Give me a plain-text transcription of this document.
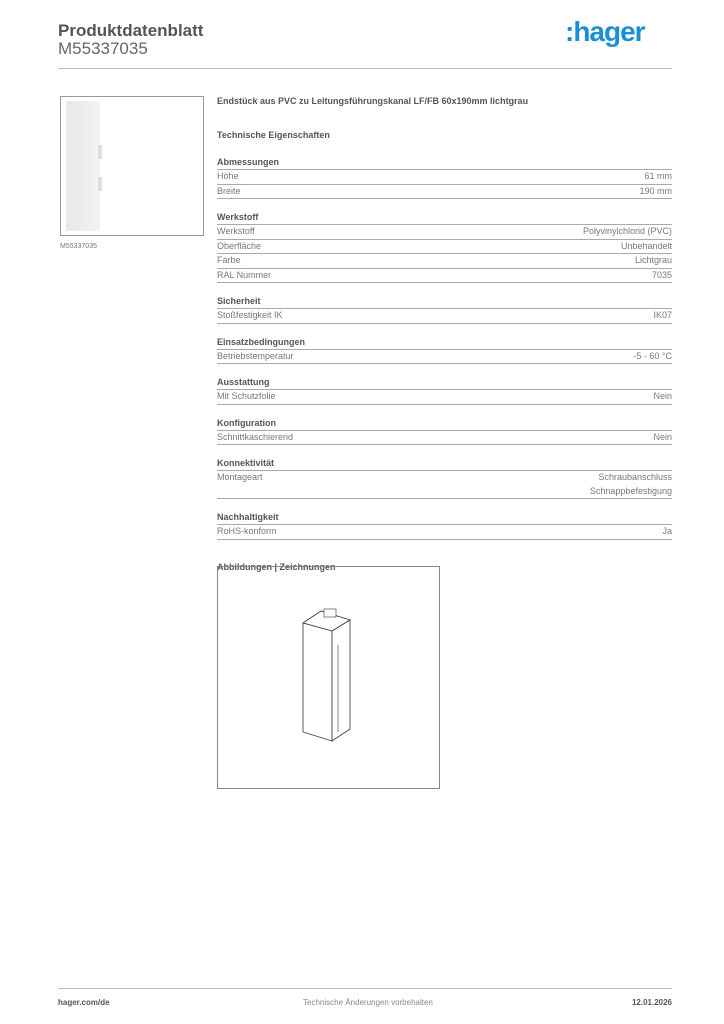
Produktdatenblatt
M55337035
:hager
M55337035
Endstück aus PVC zu Leitungsführungskanal LF/FB 60x190mm lichtgrau
Technische Eigenschaften
Abmessungen
Höhe	61 mm
Breite	190 mm
Werkstoff
Werkstoff	Polyvinylchlorid (PVC)
Oberfläche	Unbehandelt
Farbe	Lichtgrau
RAL Nummer	7035
Sicherheit
Stoßfestigkeit IK	IK07
Einsatzbedingungen
Betriebstemperatur	-5 - 60 °C
Ausstattung
Mit Schutzfolie	Nein
Konfiguration
Schnittkaschierend	Nein
Konnektivität
Montageart	Schraubanschluss
Schnappbefestigung
Nachhaltigkeit
RoHS-konform	Ja
Abbildungen | Zeichnungen
hager.com/de	Technische Änderungen vorbehalten	12.01.2026
